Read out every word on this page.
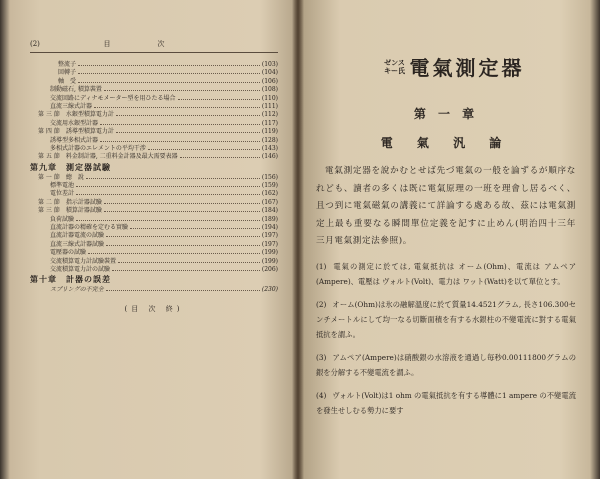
(2)	目　次
整流子	(103)
回轉子	(104)
軸　受	(106)
制動磁石, 積算裝置	(108)
交流回路にディナモメーター型を用ひたる場合	(110)
直流三線式計器	(111)
第 三 節　水銀型積算電力計	(112)
交流用水銀型計器	(117)
第 四 節　誘導型積算電力計	(119)
誘導型多相式計器	(128)
多相式計器のエレメントの平均干涉	(143)
第 五 節　料金制計器, 二重料金計器及最大需要表器	(146)
第九章　測定器試驗
第 一 節　總　說	(156)
標準電池	(159)
電位差計	(162)
第 二 節　指示計器試驗	(167)
第 三 節　積算計器試驗	(184)
負荷試驗	(189)
直流計器の精確を定むる實驗	(194)
直流計器電流の試驗	(197)
直流三線式計器試驗	(197)
電壓器の試驗	(199)
交流積算電力計試驗裝置	(199)
交流積算電力計の試驗	(206)
第十章　計器の誤差
スプリングの不完全	(230)
(目 次 終)
ゼンス キー氏 電氣測定器
第 一 章
電 氣 汎 論
電氣測定器を說かむとせば先づ電氣の一般を論ずるが順序なれども、讀者の多くは既に電氣原理の一班を理會し居るべく、且つ到に電氣磁氣の講義にて詳論する處ある故、茲には電氣測定上最も重要なる瞬間單位定義を記すに止めん(明治四十三年三月電氣測定法參照)。
(1) 電氣の測定に於ては, 電氣抵抗は オーム(Ohm)、電流は アムペア(Ampere)、電壓は ヴォルト(Volt)、電力は ワット(Watt)を以て單位とす。
(2) オーム(Ohm)は氷の融解溫度に於て質量14.4521グラム, 長さ106.300センチメートルにして均一なる切斷面積を有する水銀柱の不變電流に對する電氣抵抗を謂ふ。
(3) アムペア(Ampere)は硝酸銀の水溶液を通過し毎秒0.00111800グラムの銀を分解する不變電流を謂ふ。
(4) ヴォルト(Volt)は1 ohm の電氣抵抗を有する導體に1 ampere の不變電流を發生せしむる勢力に要す
